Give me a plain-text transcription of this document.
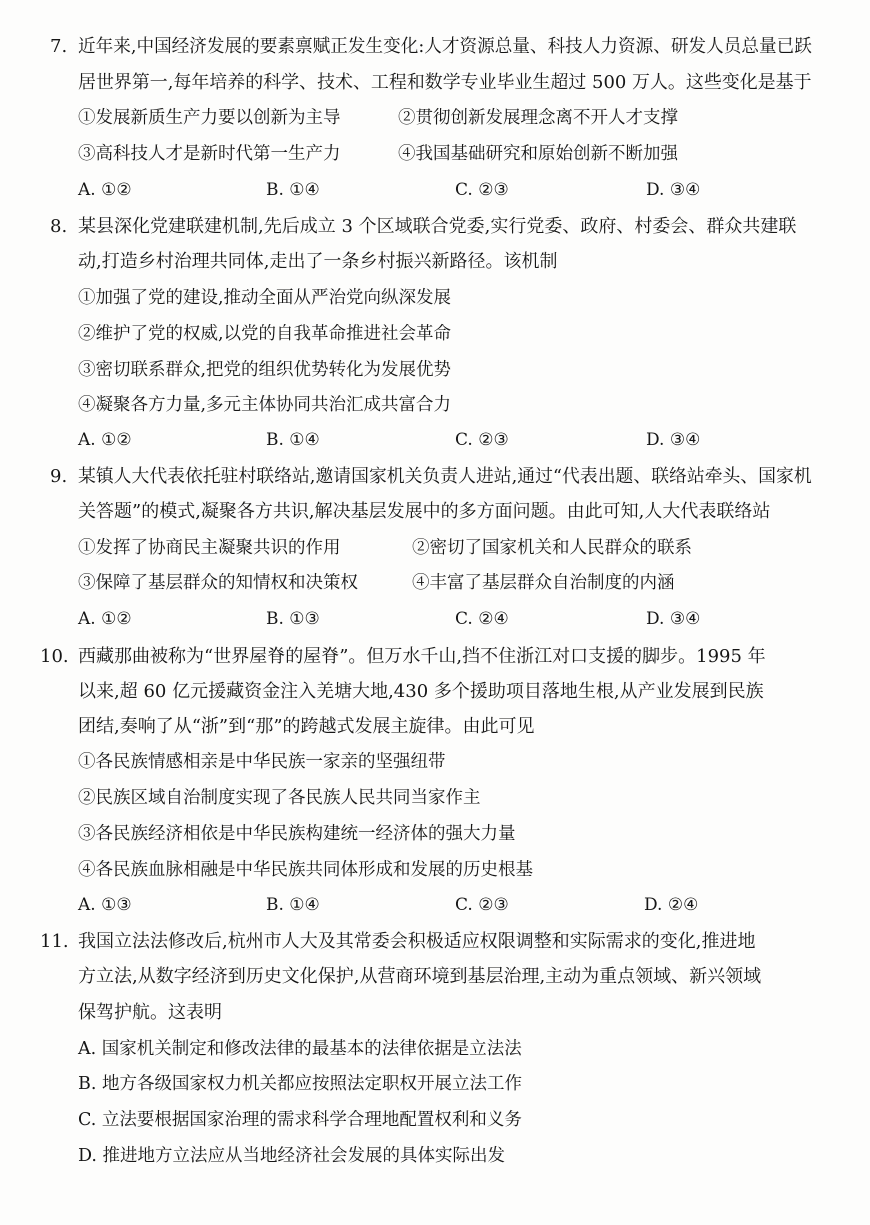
7. 近年来,中国经济发展的要素禀赋正发生变化:人才资源总量、科技人力资源、研发人员总量已跃
居世界第一,每年培养的科学、技术、工程和数学专业毕业生超过 500 万人。这些变化是基于
①发展新质生产力要以创新为主导	②贯彻创新发展理念离不开人才支撑
③高科技人才是新时代第一生产力	④我国基础研究和原始创新不断加强
A. ①②	B. ①④	C. ②③	D. ③④
8. 某县深化党建联建机制,先后成立 3 个区域联合党委,实行党委、政府、村委会、群众共建联
动,打造乡村治理共同体,走出了一条乡村振兴新路径。该机制
①加强了党的建设,推动全面从严治党向纵深发展
②维护了党的权威,以党的自我革命推进社会革命
③密切联系群众,把党的组织优势转化为发展优势
④凝聚各方力量,多元主体协同共治汇成共富合力
A. ①②	B. ①④	C. ②③	D. ③④
9. 某镇人大代表依托驻村联络站,邀请国家机关负责人进站,通过“代表出题、联络站牵头、国家机
关答题”的模式,凝聚各方共识,解决基层发展中的多方面问题。由此可知,人大代表联络站
①发挥了协商民主凝聚共识的作用	②密切了国家机关和人民群众的联系
③保障了基层群众的知情权和决策权	④丰富了基层群众自治制度的内涵
A. ①②	B. ①③	C. ②④	D. ③④
10. 西藏那曲被称为“世界屋脊的屋脊”。但万水千山,挡不住浙江对口支援的脚步。1995 年
以来,超 60 亿元援藏资金注入羌塘大地,430 多个援助项目落地生根,从产业发展到民族
团结,奏响了从“浙”到“那”的跨越式发展主旋律。由此可见
①各民族情感相亲是中华民族一家亲的坚强纽带
②民族区域自治制度实现了各民族人民共同当家作主
③各民族经济相依是中华民族构建统一经济体的强大力量
④各民族血脉相融是中华民族共同体形成和发展的历史根基
A. ①③	B. ①④	C. ②③	D. ②④
11. 我国立法法修改后,杭州市人大及其常委会积极适应权限调整和实际需求的变化,推进地
方立法,从数字经济到历史文化保护,从营商环境到基层治理,主动为重点领域、新兴领域
保驾护航。这表明
A. 国家机关制定和修改法律的最基本的法律依据是立法法
B. 地方各级国家权力机关都应按照法定职权开展立法工作
C. 立法要根据国家治理的需求科学合理地配置权利和义务
D. 推进地方立法应从当地经济社会发展的具体实际出发
